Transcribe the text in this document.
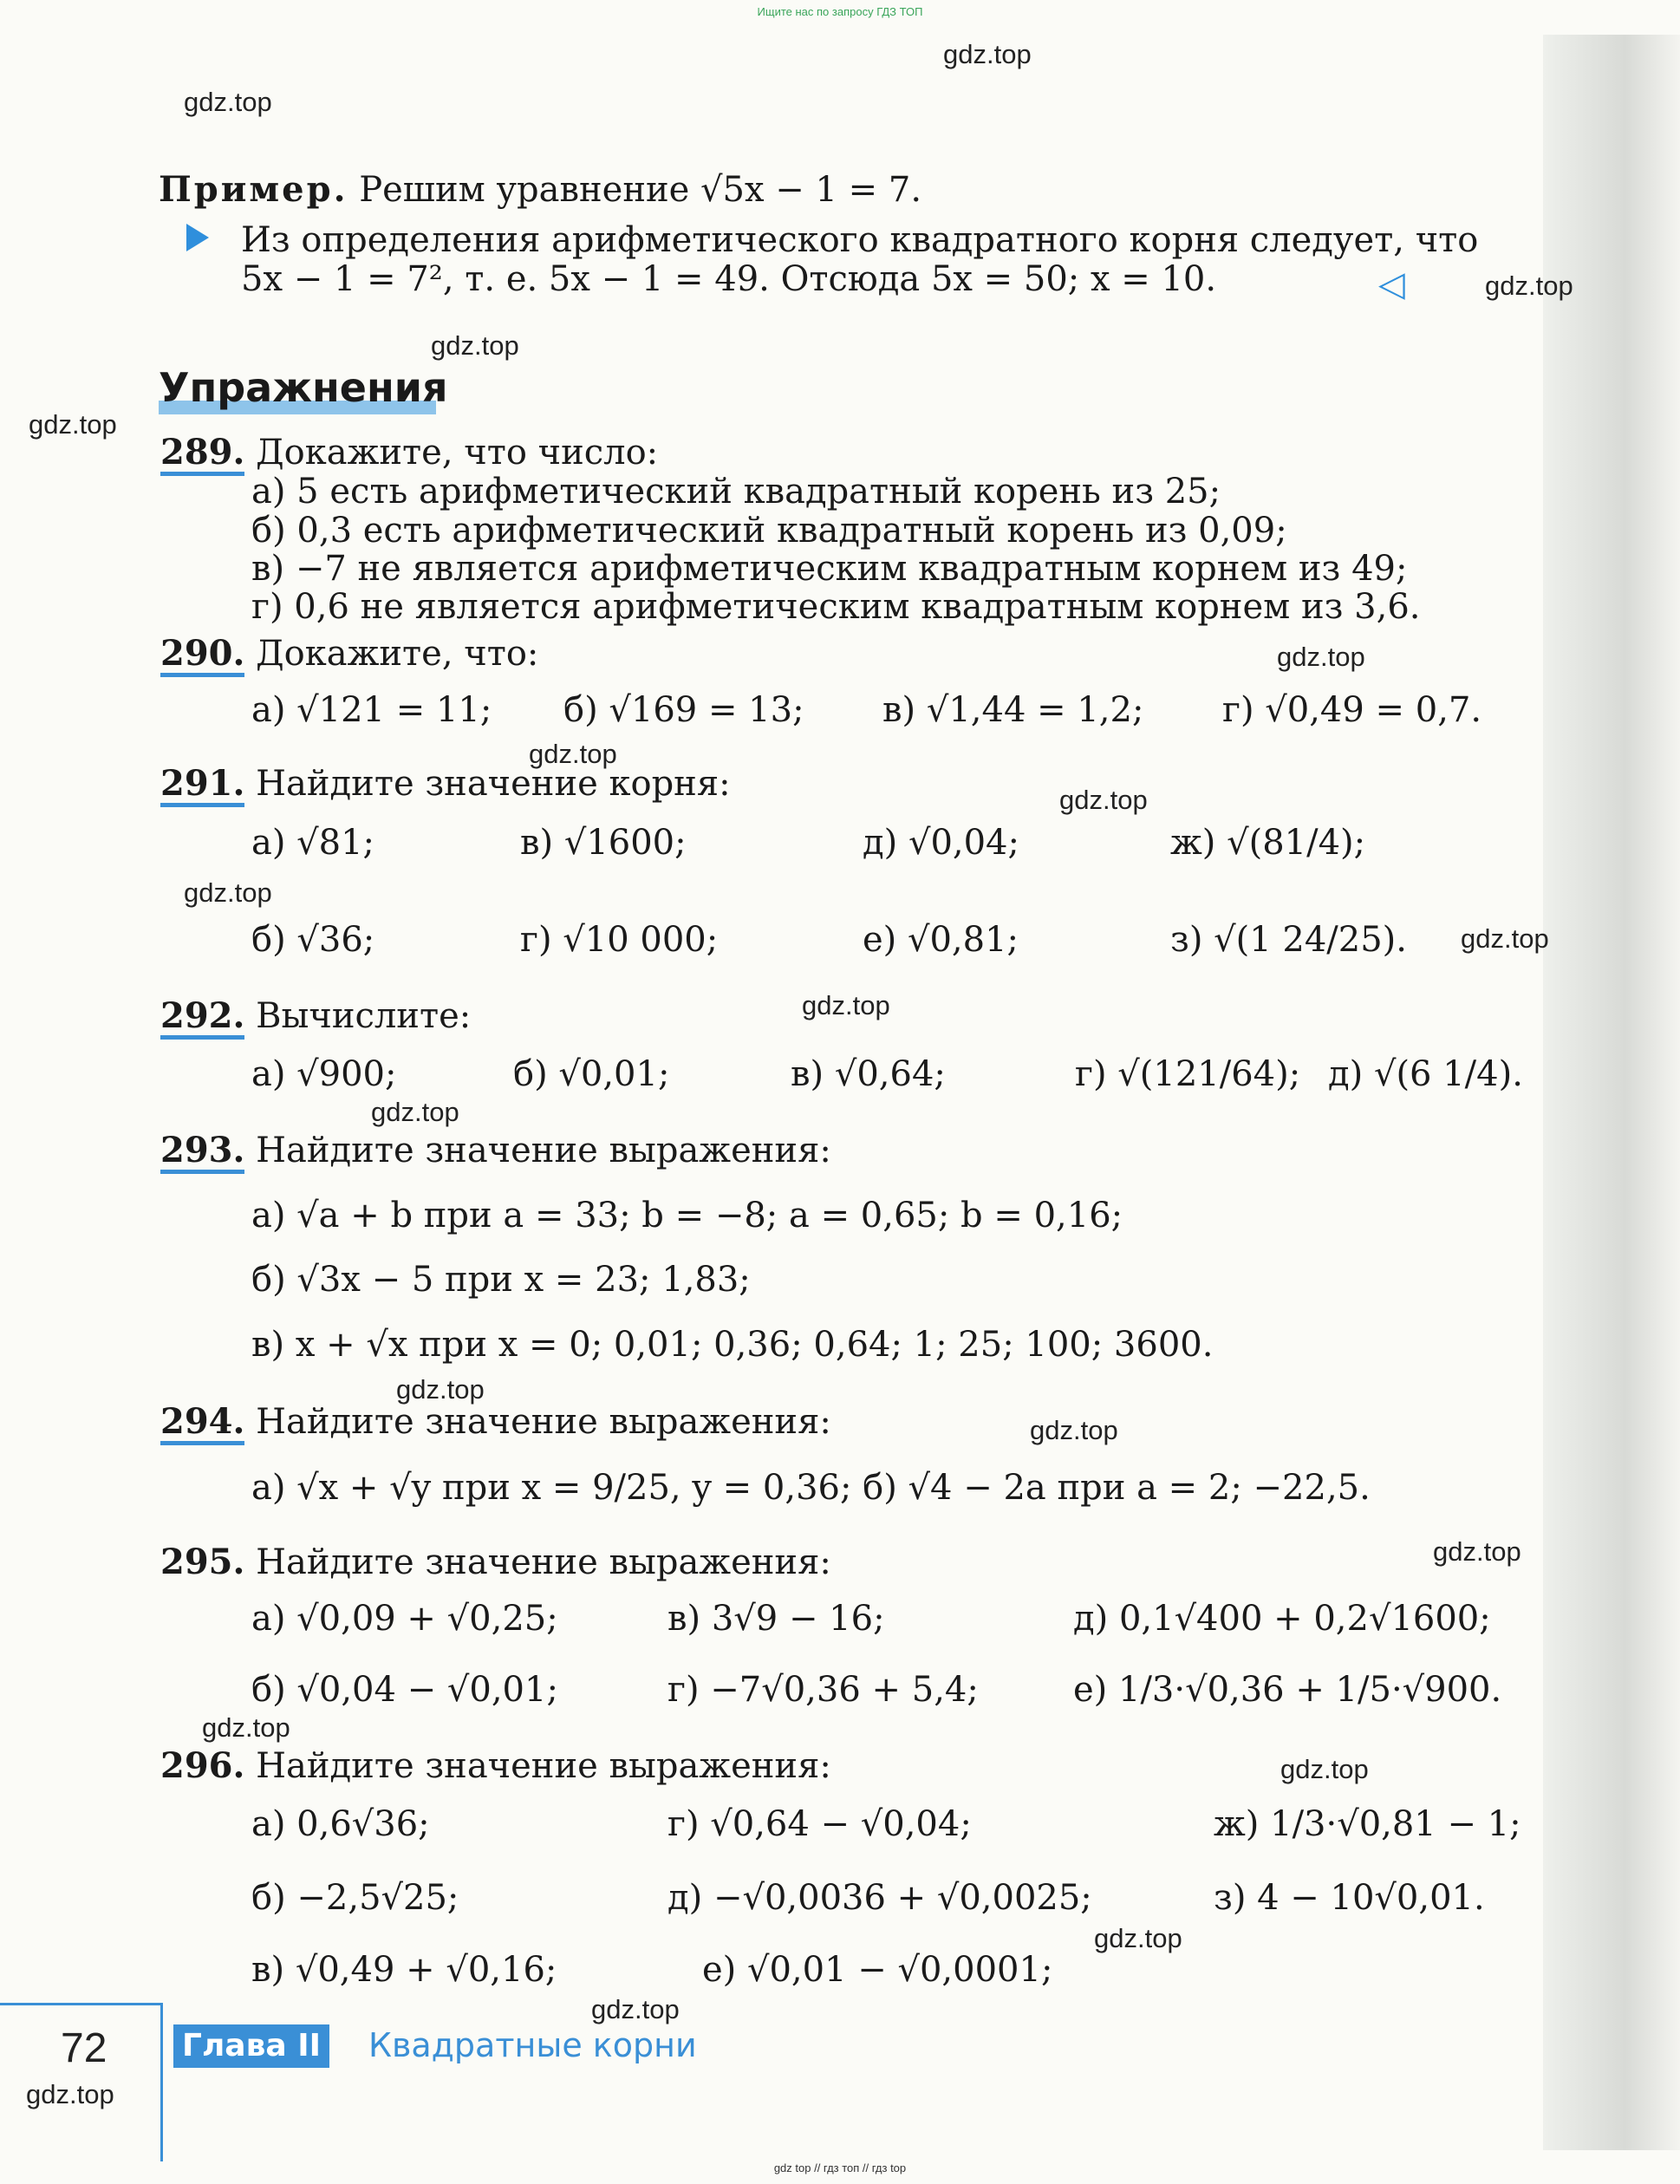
Ищите нас по запросу ГДЗ ТОП
gdz.top
gdz.top
gdz.top
gdz.top
gdz.top
gdz.top
gdz.top
gdz.top
gdz.top
gdz.top
gdz.top
gdz.top
gdz.top
gdz.top
gdz.top
gdz.top
gdz.top
gdz.top
gdz.top
gdz.top
Пример. Решим уравнение √5x − 1 = 7.
Из определения арифметического квадратного корня следует, что
5x − 1 = 7², т. е. 5x − 1 = 49. Отсюда 5x = 50; x = 10.	◁
Упражнения
289. Докажите, что число:
а) 5 есть арифметический квадратный корень из 25;
б) 0,3 есть арифметический квадратный корень из 0,09;
в) −7 не является арифметическим квадратным корнем из 49;
г) 0,6 не является арифметическим квадратным корнем из 3,6.
290. Докажите, что:
а) √121 = 11; б) √169 = 13; в) √1,44 = 1,2; г) √0,49 = 0,7.
291. Найдите значение корня:
а) √81;	в) √1600;	д) √0,04;	ж) √(81/4);
б) √36;	г) √10 000;	е) √0,81;	з) √(1 24/25).
292. Вычислите:
а) √900;	б) √0,01;	в) √0,64;	г) √(121/64); д) √(6 1/4).
293. Найдите значение выражения:
а) √a + b при a = 33; b = −8; a = 0,65; b = 0,16;
б) √3x − 5 при x = 23; 1,83;
в) x + √x при x = 0; 0,01; 0,36; 0,64; 1; 25; 100; 3600.
294. Найдите значение выражения:
а) √x + √y при x = 9/25, y = 0,36; б) √4 − 2a при a = 2; −22,5.
295. Найдите значение выражения:
а) √0,09 + √0,25;	в) 3√9 − 16;	д) 0,1√400 + 0,2√1600;
б) √0,04 − √0,01;	г) −7√0,36 + 5,4;	е) 1/3·√0,36 + 1/5·√900.
296. Найдите значение выражения:
а) 0,6√36;	г) √0,64 − √0,04;	ж) 1/3·√0,81 − 1;
б) −2,5√25;	д) −√0,0036 + √0,0025;	з) 4 − 10√0,01.
в) √0,49 + √0,16;	е) √0,01 − √0,0001;
72 Глава II Квадратные корни
gdz top // гдз топ // гдз top
